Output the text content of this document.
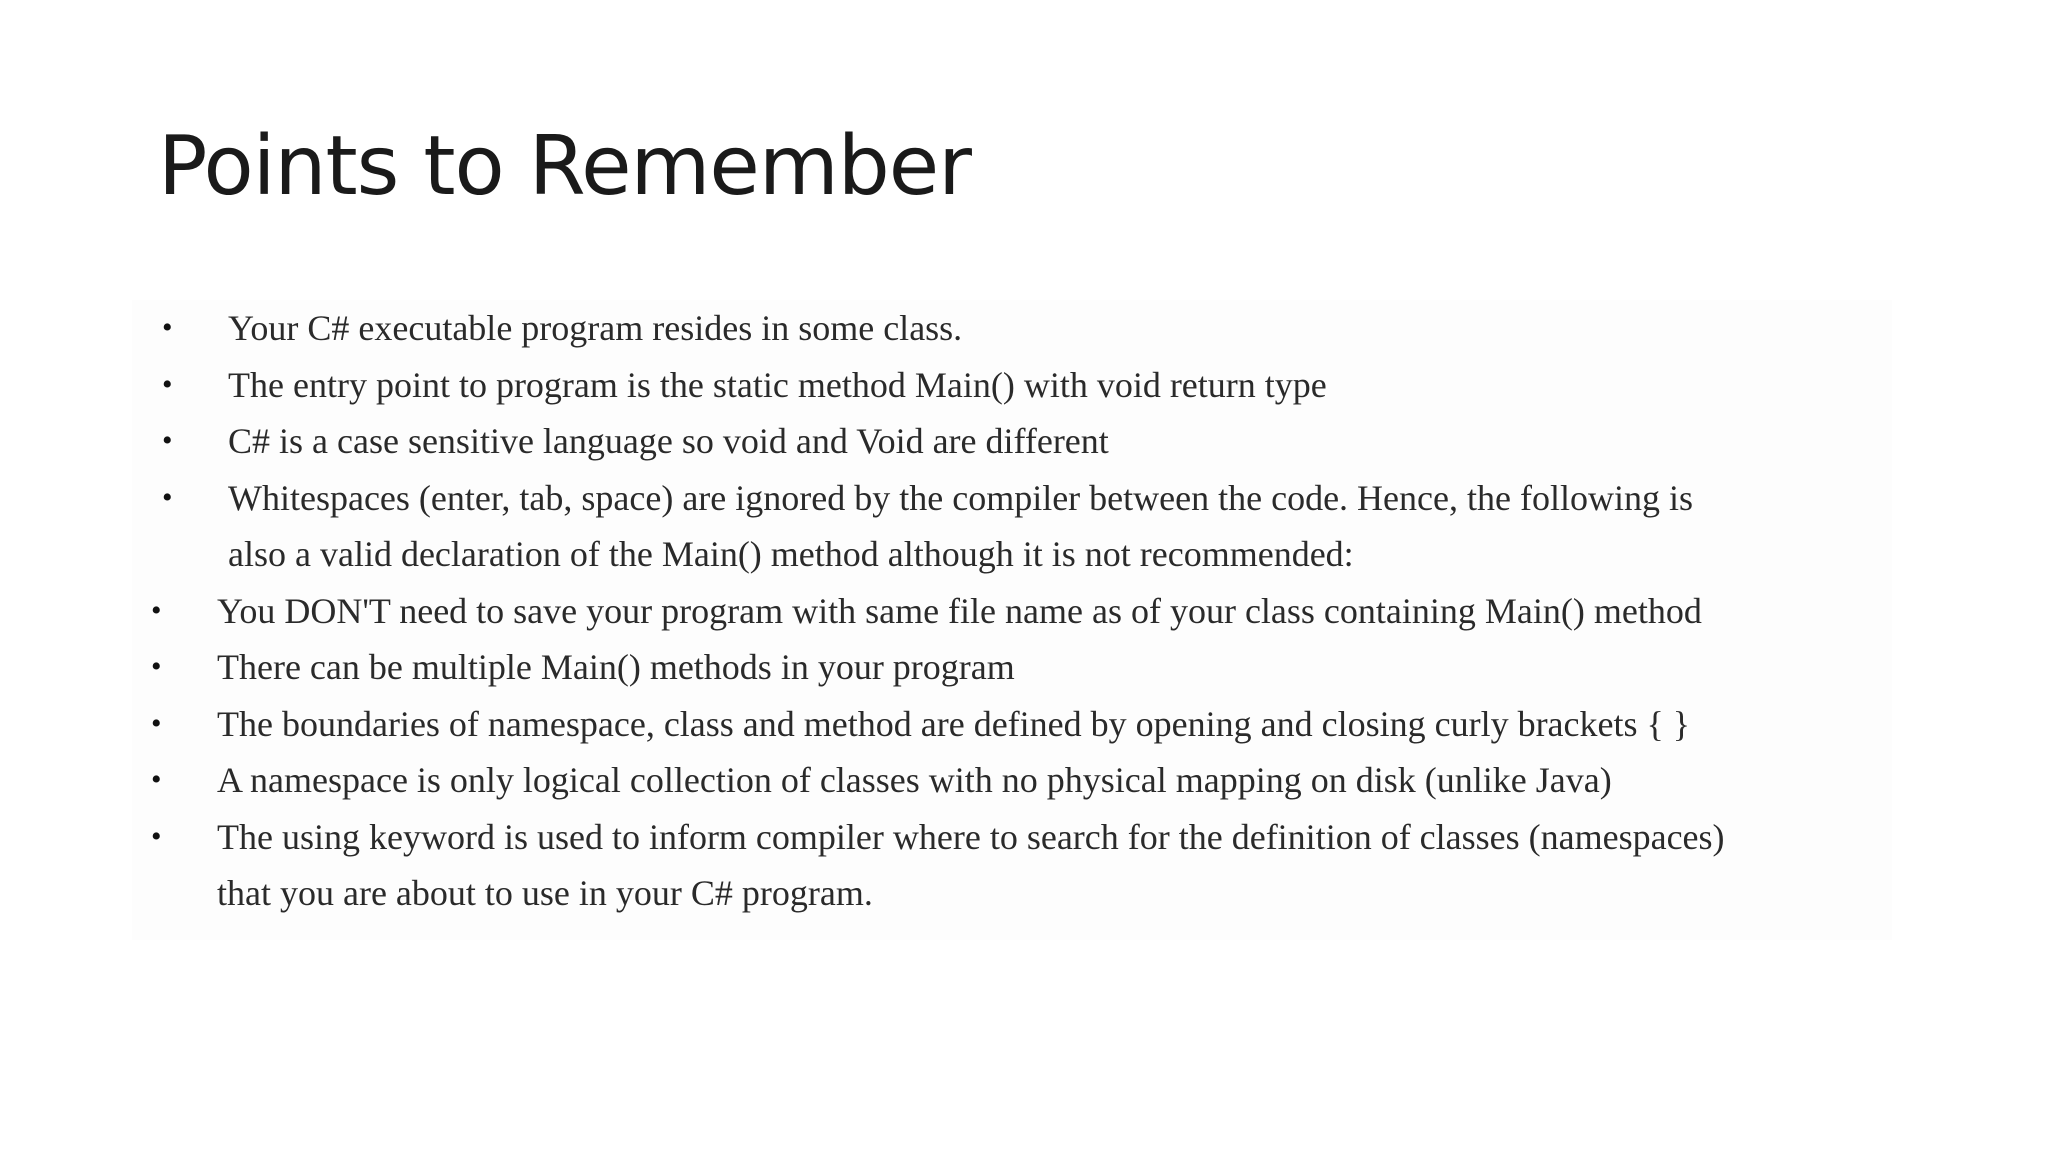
Points to Remember
• Your C# executable program resides in some class.
• The entry point to program is the static method Main() with void return type
• C# is a case sensitive language so void and Void are different
• Whitespaces (enter, tab, space) are ignored by the compiler between the code. Hence, the following is
also a valid declaration of the Main() method although it is not recommended:
• You DON'T need to save your program with same file name as of your class containing Main() method
• There can be multiple Main() methods in your program
• The boundaries of namespace, class and method are defined by opening and closing curly brackets { }
• A namespace is only logical collection of classes with no physical mapping on disk (unlike Java)
• The using keyword is used to inform compiler where to search for the definition of classes (namespaces)
that you are about to use in your C# program.
